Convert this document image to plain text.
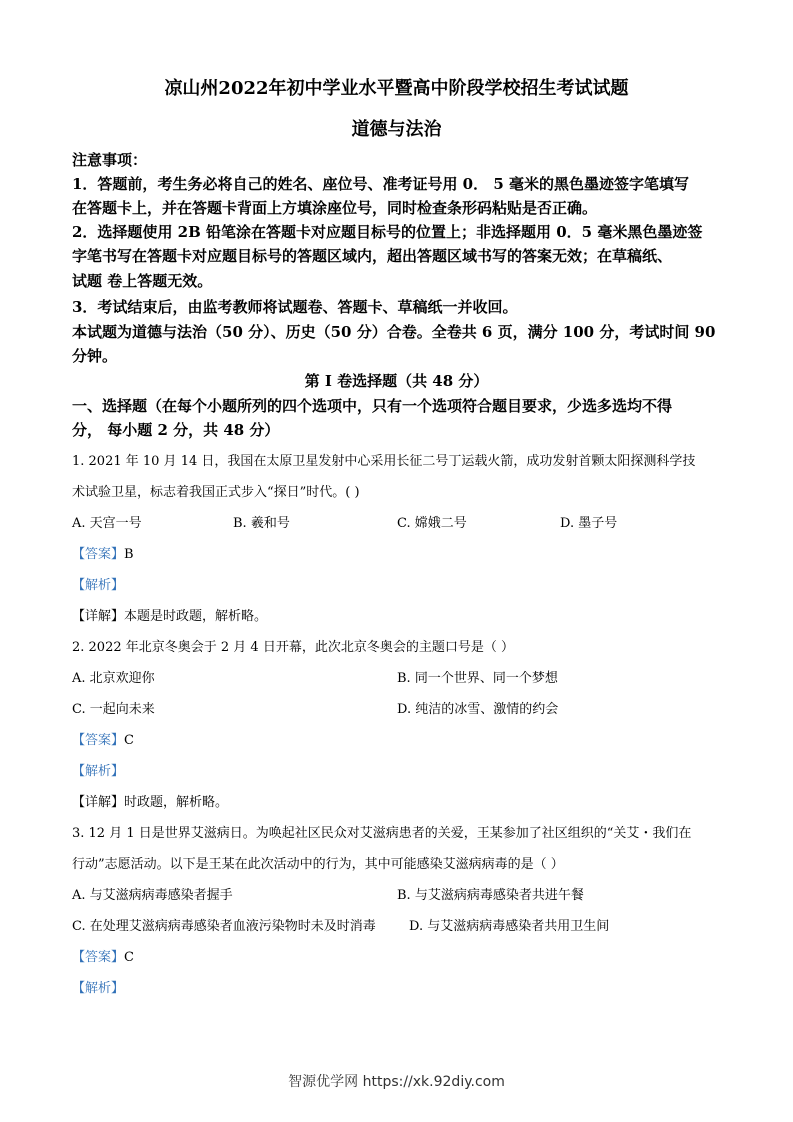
凉山州2022年初中学业水平暨高中阶段学校招生考试试题
道德与法治
注意事项：
1．答题前，考生务必将自己的姓名、座位号、准考证号用 0． 5 毫米的黑色墨迹签字笔填写
在答题卡上，并在答题卡背面上方填涂座位号，同时检查条形码粘贴是否正确。
2．选择题使用 2B 铅笔涂在答题卡对应题目标号的位置上；非选择题用 0．5 毫米黑色墨迹签
字笔书写在答题卡对应题目标号的答题区域内，超出答题区域书写的答案无效；在草稿纸、
试题 卷上答题无效。
3．考试结束后，由监考教师将试题卷、答题卡、草稿纸一并收回。
本试题为道德与法治（50 分）、历史（50 分）合卷。全卷共 6 页，满分 100 分，考试时间 90
分钟。
第 I 卷选择题（共 48 分）
一、选择题（在每个小题所列的四个选项中，只有一个选项符合题目要求，少选多选均不得
分， 每小题 2 分，共 48 分）
1. 2021 年 10 月 14 日，我国在太原卫星发射中心采用长征二号丁运载火箭，成功发射首颗太阳探测科学技
术试验卫星，标志着我国正式步入“探日”时代。( )
A. 天宫一号	B. 羲和号	C. 嫦娥二号	D. 墨子号
【答案】B
【解析】
【详解】本题是时政题，解析略。
2. 2022 年北京冬奥会于 2 月 4 日开幕，此次北京冬奥会的主题口号是（ ）
A. 北京欢迎你	B. 同一个世界、同一个梦想
C. 一起向未来	D. 纯洁的冰雪、激情的约会
【答案】C
【解析】
【详解】时政题，解析略。
3. 12 月 1 日是世界艾滋病日。为唤起社区民众对艾滋病患者的关爱，王某参加了社区组织的“关艾・我们在
行动”志愿活动。以下是王某在此次活动中的行为，其中可能感染艾滋病病毒的是（ ）
A. 与艾滋病病毒感染者握手	B. 与艾滋病病毒感染者共进午餐
C. 在处理艾滋病病毒感染者血液污染物时未及时消毒	D. 与艾滋病病毒感染者共用卫生间
【答案】C
【解析】
智源优学网 https://xk.92diy.com
